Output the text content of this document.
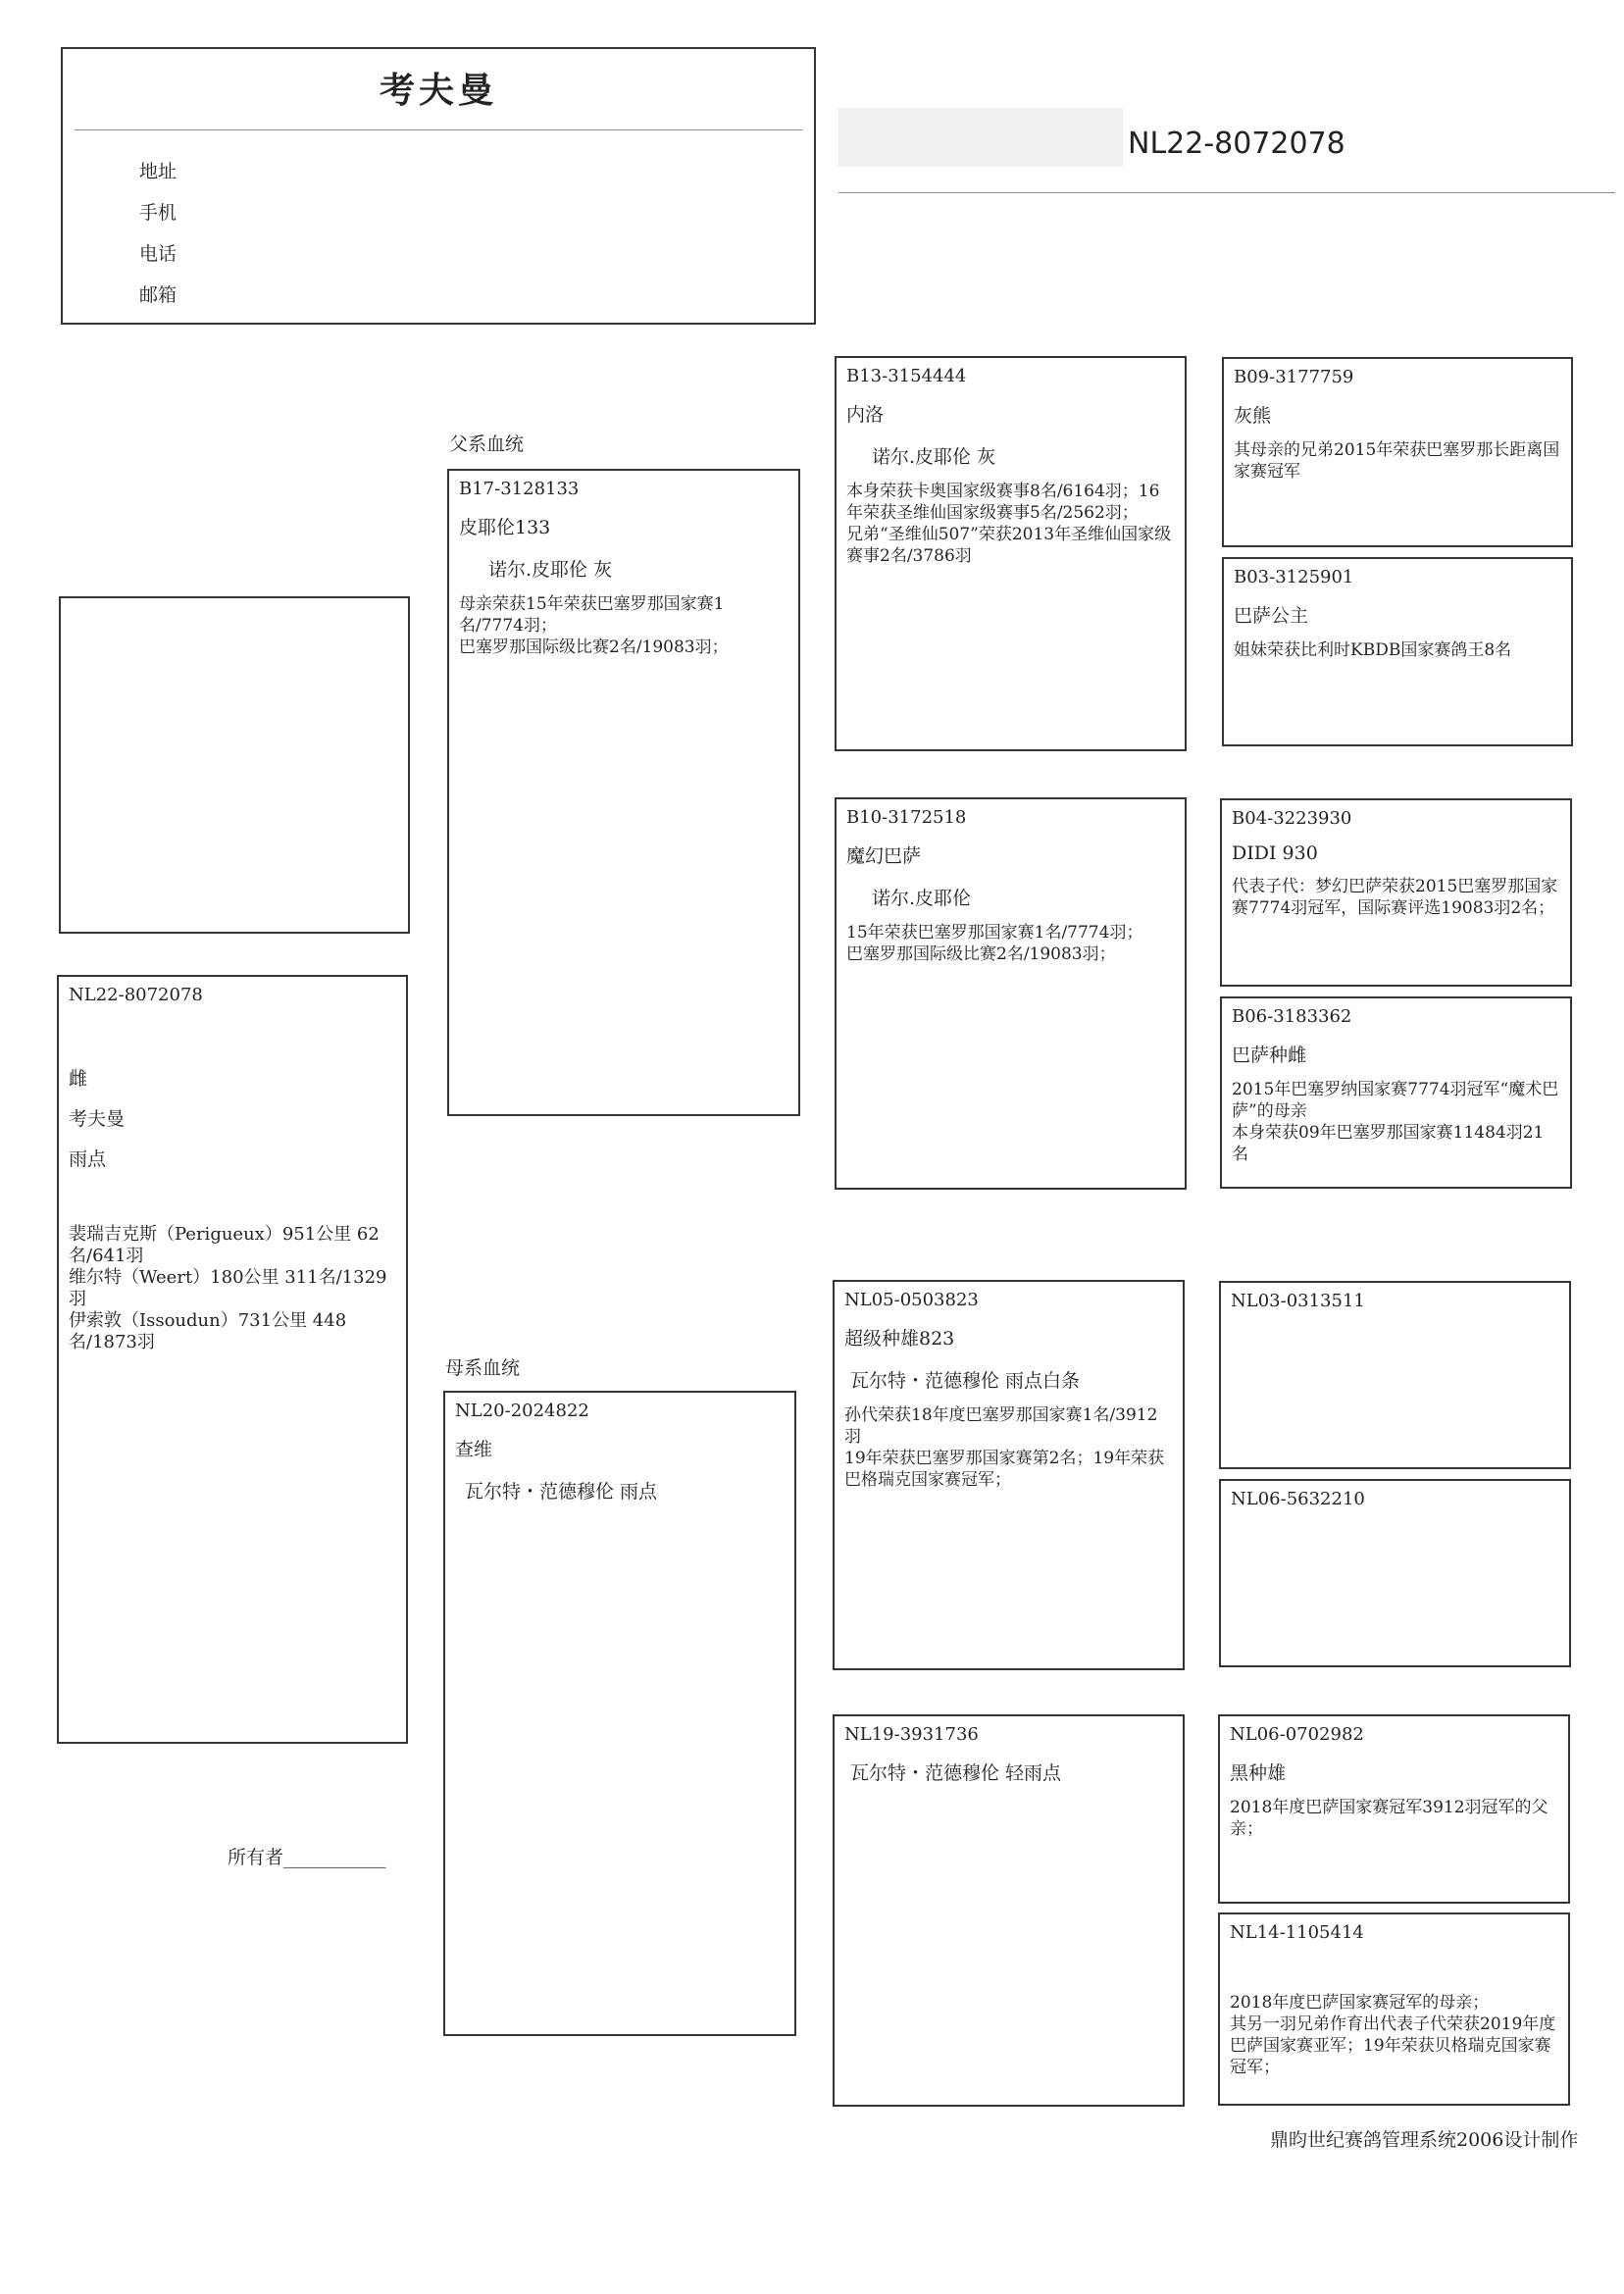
考夫曼
地址
手机
电话
邮箱
NL22-8072078
NL22-8072078
雌
考夫曼
雨点
裴瑞吉克斯（Perigueux）951公里 62名/641羽
维尔特（Weert）180公里 311名/1329羽
伊索敦（Issoudun）731公里 448名/1873羽
所有者___________
父系血统
B17-3128133
皮耶伦133
诺尔.皮耶伦 灰
母亲荣获15年荣获巴塞罗那国家赛1名/7774羽；
巴塞罗那国际级比赛2名/19083羽；
母系血统
NL20-2024822
查维
瓦尔特・范德穆伦 雨点
B13-3154444
内洛
诺尔.皮耶伦 灰
本身荣获卡奥国家级赛事8名/6164羽；16年荣获圣维仙国家级赛事5名/2562羽；
兄弟“圣维仙507”荣获2013年圣维仙国家级赛事2名/3786羽
B10-3172518
魔幻巴萨
诺尔.皮耶伦
15年荣获巴塞罗那国家赛1名/7774羽；
巴塞罗那国际级比赛2名/19083羽；
NL05-0503823
超级种雄823
瓦尔特・范德穆伦 雨点白条
孙代荣获18年度巴塞罗那国家赛1名/3912羽
19年荣获巴塞罗那国家赛第2名；19年荣获巴格瑞克国家赛冠军；
NL19-3931736
瓦尔特・范德穆伦 轻雨点
B09-3177759
灰熊
其母亲的兄弟2015年荣获巴塞罗那长距离国家赛冠军
B03-3125901
巴萨公主
姐妹荣获比利时KBDB国家赛鸽王8名
B04-3223930
DIDI 930
代表子代：梦幻巴萨荣获2015巴塞罗那国家赛7774羽冠军，国际赛评选19083羽2名；
B06-3183362
巴萨种雌
2015年巴塞罗纳国家赛7774羽冠军“魔术巴萨”的母亲
本身荣获09年巴塞罗那国家赛11484羽21名
NL03-0313511
NL06-5632210
NL06-0702982
黑种雄
2018年度巴萨国家赛冠军3912羽冠军的父亲；
NL14-1105414
2018年度巴萨国家赛冠军的母亲；
其另一羽兄弟作育出代表子代荣获2019年度巴萨国家赛亚军；19年荣获贝格瑞克国家赛冠军；
鼎昀世纪赛鸽管理系统2006设计制作
